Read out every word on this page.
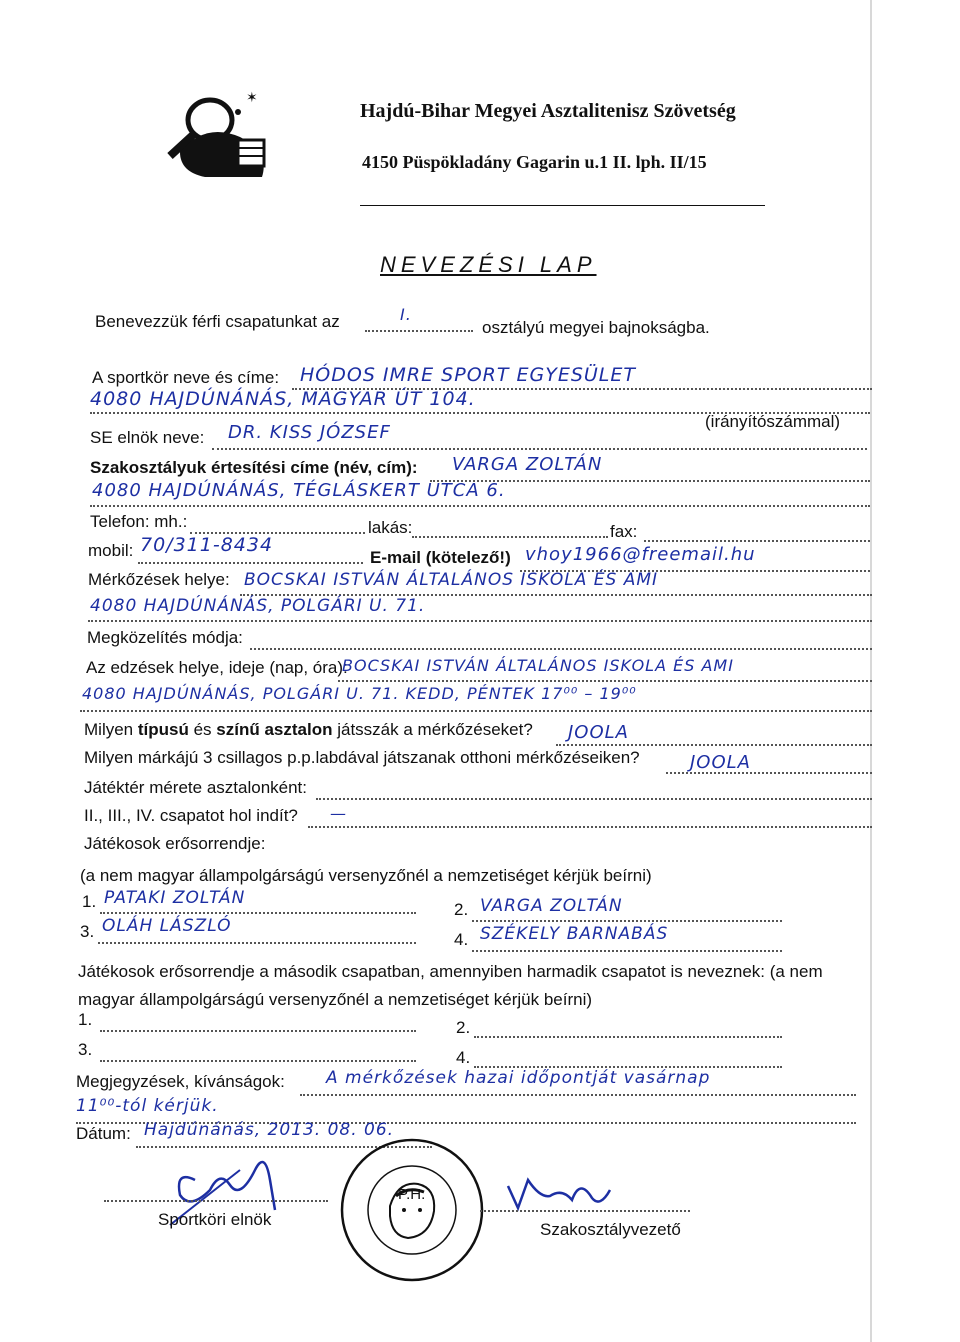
✶
Hajdú-Bihar Megyei Asztalitenisz Szövetség
4150 Püspökladány Gagarin u.1 II. lph. II/15
NEVEZÉSI LAP
Benevezzük férfi csapatunkat az	I.
osztályú megyei bajnokságba.
A sportkör neve és címe: HÓDOS IMRE SPORT EGYESÜLET
4080 HAJDÚNÁNÁS, MAGYAR ÚT 104.
(irányítószámmal)
SE elnök neve: DR. KISS JÓZSEF
Szakosztályuk értesítési címe (név, cím): VARGA ZOLTÁN
4080 HAJDÚNÁNÁS, TÉGLÁSKERT UTCA 6.
Telefon: mh.:	lakás:	fax:
mobil: 70/311-8434
E-mail (kötelező!) vhoy1966@freemail.hu
Mérkőzések helye: BOCSKAI ISTVÁN ÁLTALÁNOS ISKOLA ÉS AMI
4080 HAJDÚNÁNÁS, POLGÁRI U. 71.
Megközelítés módja:
Az edzések helye, ideje (nap, óra):
BOCSKAI ISTVÁN ÁLTALÁNOS ISKOLA ÉS AMI
4080 HAJDÚNÁNÁS, POLGÁRI U. 71. KEDD, PÉNTEK 17⁰⁰ – 19⁰⁰
Milyen típusú és színű asztalon játsszák a mérkőzéseket? JOOLA
Milyen márkájú 3 csillagos p.p.labdával játszanak otthoni mérkőzéseiken?	JOOLA
Játéktér mérete asztalonként:
II., III., IV. csapatot hol indít? —
Játékosok erősorrendje:
(a nem magyar állampolgárságú versenyzőnél a nemzetiséget kérjük beírni)
1. PATAKI ZOLTÁN
2. VARGA ZOLTÁN
3. OLÁH LÁSZLÓ
4. SZÉKELY BARNABÁS
Játékosok erősorrendje a második csapatban, amennyiben harmadik csapatot is neveznek: (a nem
magyar állampolgárságú versenyzőnél a nemzetiséget kérjük beírni)
1.	2.
3.	4.
Megjegyzések, kívánságok: A mérkőzések hazai időpontját vasárnap
11⁰⁰-tól kérjük.
Dátum: Hajdúnánás, 2013. 08. 06.
Sportköri elnök
P.H.
Szakosztályvezető
